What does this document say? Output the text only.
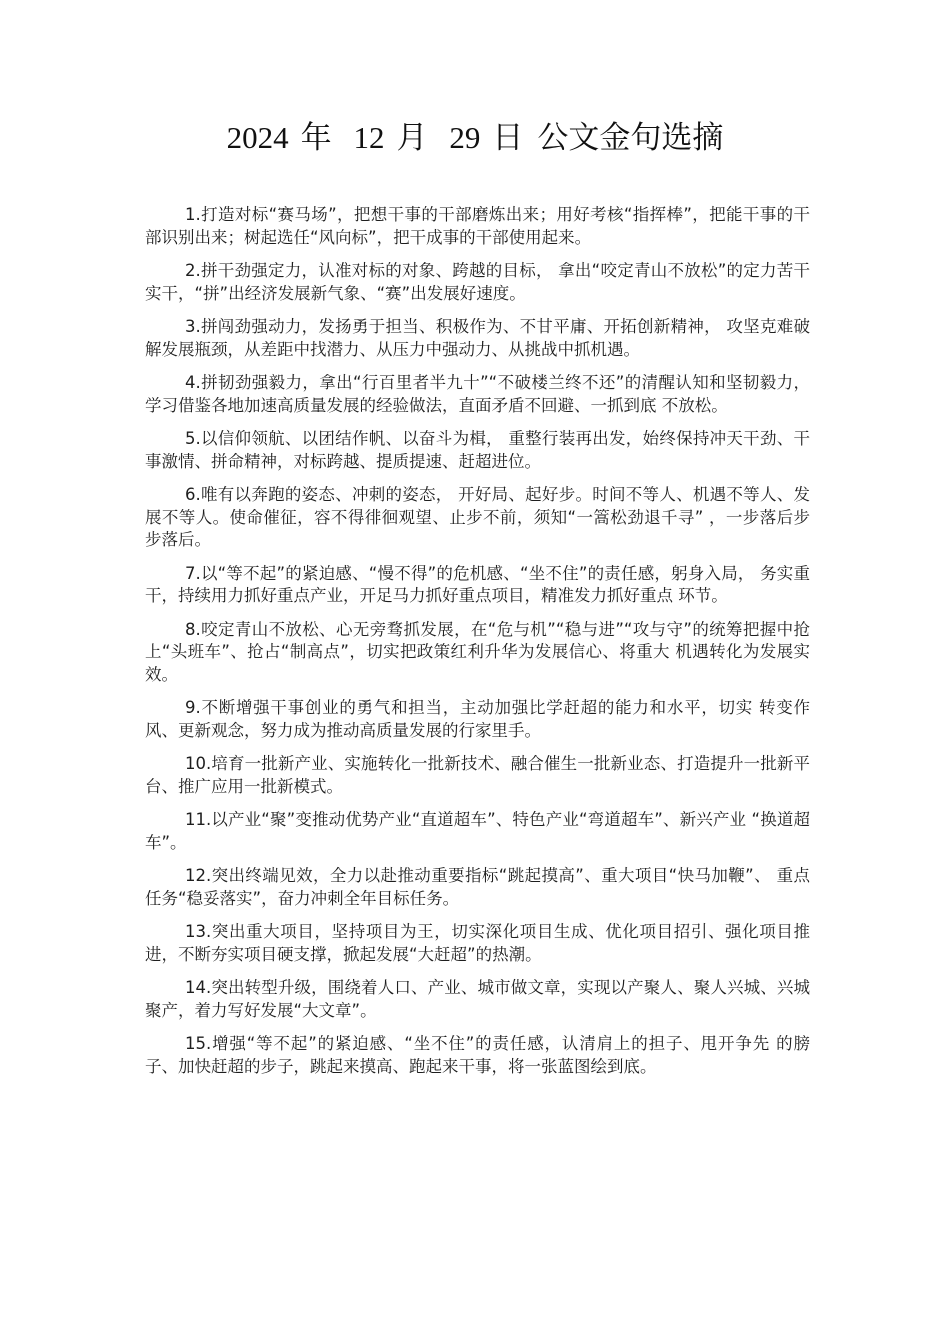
2024 年 12 月 29 日 公文金句选摘

1.打造对标“赛马场”，把想干事的干部磨炼出来；用好考核“指挥棒”，把能干事的干部识别出来；树起选任“风向标”，把干成事的干部使用起来。

2.拼干劲强定力，认准对标的对象、跨越的目标， 拿出“咬定青山不放松”的定力苦干实干，“拼”出经济发展新气象、“赛”出发展好速度。

3.拼闯劲强动力，发扬勇于担当、积极作为、不甘平庸、开拓创新精神， 攻坚克难破解发展瓶颈，从差距中找潜力、从压力中强动力、从挑战中抓机遇。

4.拼韧劲强毅力，拿出“行百里者半九十”“不破楼兰终不还”的清醒认知和坚韧毅力，学习借鉴各地加速高质量发展的经验做法，直面矛盾不回避、一抓到底 不放松。

5.以信仰领航、以团结作帆、以奋斗为楫， 重整行装再出发，始终保持冲天干劲、干事激情、拼命精神，对标跨越、提质提速、赶超进位。

6.唯有以奔跑的姿态、冲刺的姿态， 开好局、起好步。时间不等人、机遇不等人、发展不等人。使命催征，容不得徘徊观望、止步不前，须知“一篙松劲退千寻” ，一步落后步步落后。

7.以“等不起”的紧迫感、“慢不得”的危机感、“坐不住”的责任感，躬身入局， 务实重干，持续用力抓好重点产业，开足马力抓好重点项目，精准发力抓好重点 环节。

8.咬定青山不放松、心无旁骛抓发展，在“危与机”“稳与进”“攻与守”的统筹把握中抢上“头班车”、抢占“制高点”，切实把政策红利升华为发展信心、将重大 机遇转化为发展实效。

9.不断增强干事创业的勇气和担当，主动加强比学赶超的能力和水平，切实 转变作风、更新观念，努力成为推动高质量发展的行家里手。

10.培育一批新产业、实施转化一批新技术、融合催生一批新业态、打造提升一批新平台、推广应用一批新模式。

11.以产业“聚”变推动优势产业“直道超车”、特色产业“弯道超车”、新兴产业 “换道超车”。

12.突出终端见效，全力以赴推动重要指标“跳起摸高”、重大项目“快马加鞭”、 重点任务“稳妥落实”，奋力冲刺全年目标任务。

13.突出重大项目，坚持项目为王，切实深化项目生成、优化项目招引、强化项目推进，不断夯实项目硬支撑，掀起发展“大赶超”的热潮。

14.突出转型升级，围绕着人口、产业、城市做文章，实现以产聚人、聚人兴城、兴城聚产，着力写好发展“大文章”。

15.增强“等不起”的紧迫感、“坐不住”的责任感，认清肩上的担子、甩开争先 的膀子、加快赶超的步子，跳起来摸高、跑起来干事，将一张蓝图绘到底。
